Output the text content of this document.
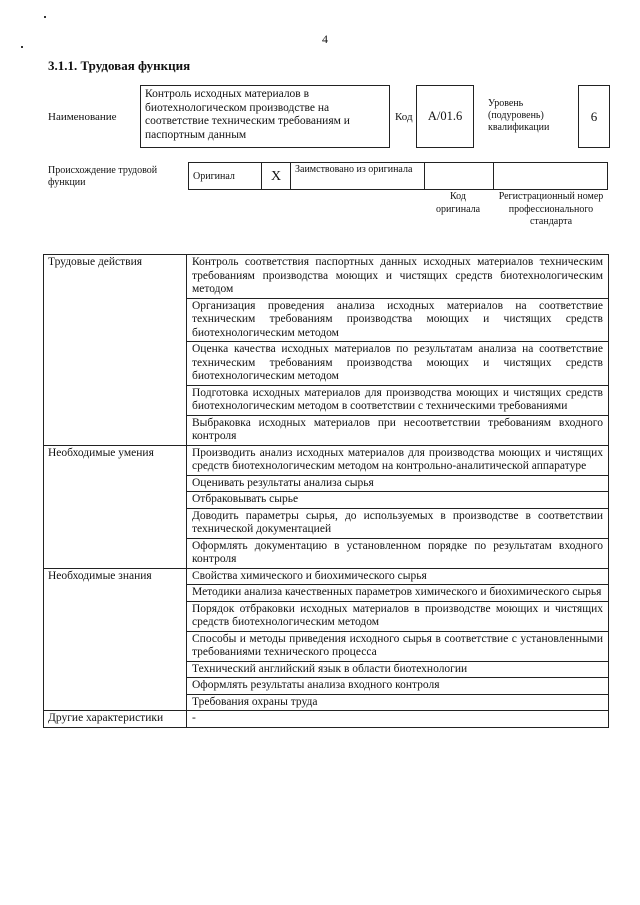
4
3.1.1. Трудовая функция
Наименование
Контроль исходных материалов в биотехнологическом производстве на соответствие техническим требованиям и паспортным данным
Код	А/01.6
Уровень (подуровень) квалификации
6
Происхождение трудовой функции
Оригинал	X	Заимствовано из оригинала		
Код оригинала
Регистрационный номер профессионального стандарта
Трудовые действия	Контроль соответствия паспортных данных исходных материалов техническим требованиям производства моющих и чистящих средств биотехнологическим методом
	Организация проведения анализа исходных материалов на соответствие техническим требованиям производства моющих и чистящих средств биотехнологическим методом
	Оценка качества исходных материалов по результатам анализа на соответствие техническим требованиям производства моющих и чистящих средств биотехнологическим методом
	Подготовка исходных материалов для производства моющих и чистящих средств биотехнологическим методом в соответствии с техническими требованиями
	Выбраковка исходных материалов при несоответствии требованиям входного контроля
Необходимые умения	Производить анализ исходных материалов для производства моющих и чистящих средств биотехнологическим методом на контрольно-аналитической аппаратуре
	Оценивать результаты анализа сырья
	Отбраковывать сырье
	Доводить параметры сырья, до используемых в производстве в соответствии технической документацией
	Оформлять документацию в установленном порядке по результатам входного контроля
Необходимые знания	Свойства химического и биохимического сырья
	Методики анализа качественных параметров химического и биохимического сырья
	Порядок отбраковки исходных материалов в производстве моющих и чистящих средств биотехнологическим методом
	Способы и методы приведения исходного сырья в соответствие с установленными требованиями технического процесса
	Технический английский язык в области биотехнологии
	Оформлять результаты анализа входного контроля
	Требования охраны труда
Другие характеристики	-
